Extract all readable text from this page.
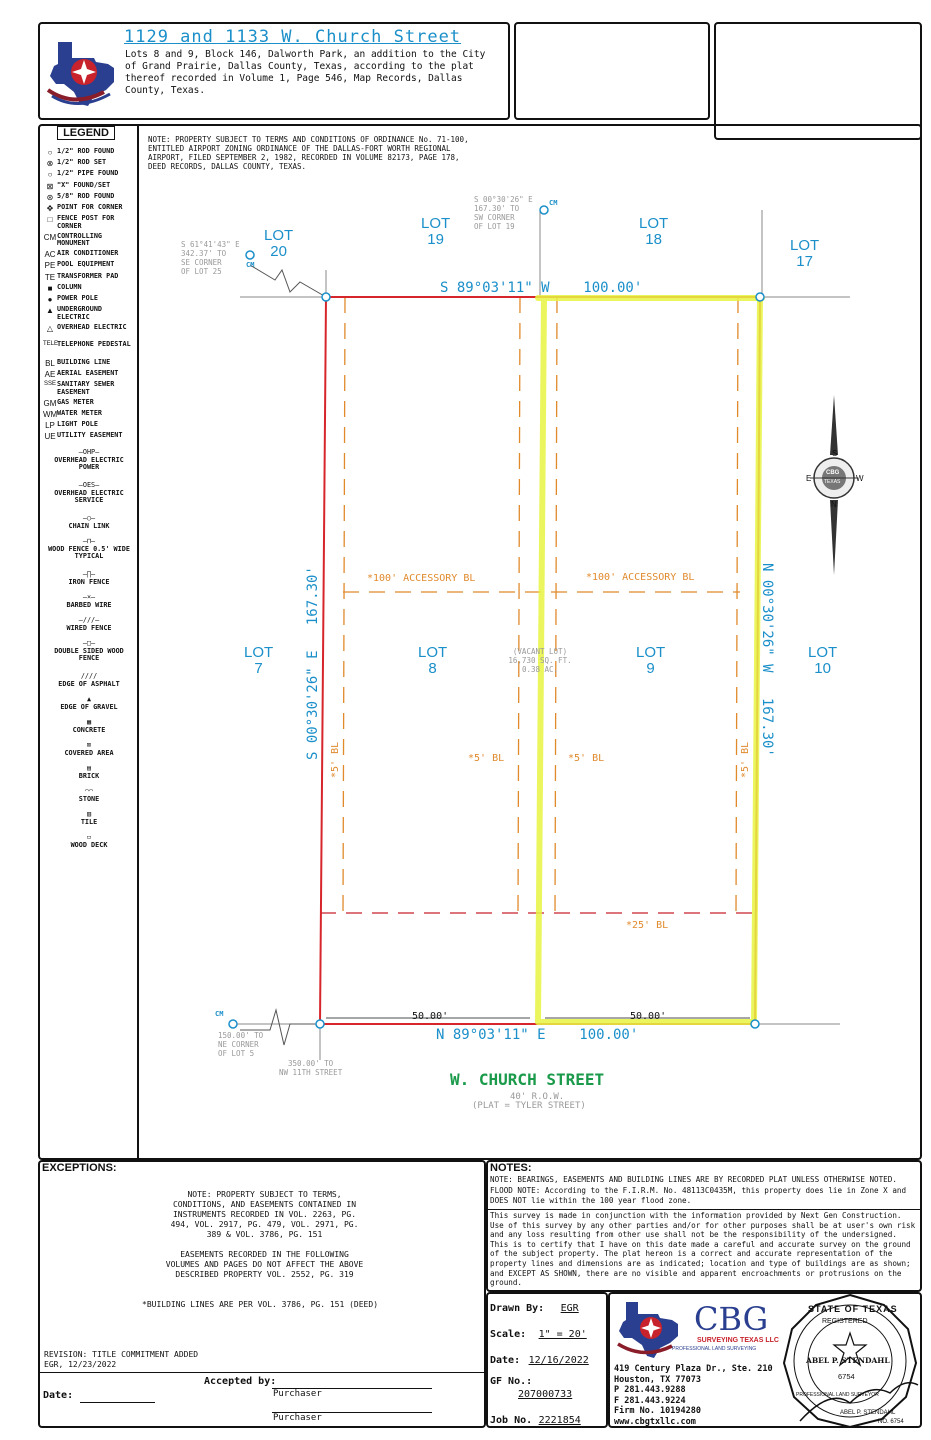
1129 and 1133 W. Church Street
Lots 8 and 9, Block 146, Dalworth Park, an addition to the City of Grand Prairie, Dallas County, Texas, according to the plat thereof recorded in Volume 1, Page 546, Map Records, Dallas County, Texas.
LEGEND
○ 1/2" ROD FOUND
⊗ 1/2" ROD SET
○ 1/2" PIPE FOUND
⊠ "X" FOUND/SET
⊛ 5/8" ROD FOUND
✥ POINT FOR CORNER
□ FENCE POST FOR CORNER
CM CONTROLLING MONUMENT
AC AIR CONDITIONER
PE POOL EQUIPMENT
TE TRANSFORMER PAD
■ COLUMN
● POWER POLE
▲ UNDERGROUND ELECTRIC
△ OVERHEAD ELECTRIC
TELE
TELEPHONE PEDESTAL
BL BUILDING LINE
AE AERIAL EASEMENT
SSE SANITARY SEWER EASEMENT
GM GAS METER
WM WATER METER
LP LIGHT POLE
UE UTILITY EASEMENT
—OHP—
OVERHEAD ELECTRIC POWER
—OES—
OVERHEAD ELECTRIC SERVICE
—○—
CHAIN LINK
—⊓—
WOOD FENCE 0.5' WIDE TYPICAL
—∏—
IRON FENCE
—×—
BARBED WIRE
—///—
WIRED FENCE
—□—
DOUBLE SIDED WOOD FENCE
////
EDGE OF ASPHALT
▲
EDGE OF GRAVEL
▦
CONCRETE
⊠
COVERED AREA
▤
BRICK
◠◠
STONE
▥
TILE
▭
WOOD DECK
NOTE: PROPERTY SUBJECT TO TERMS AND CONDITIONS OF ORDINANCE No. 71-100, ENTITLED AIRPORT ZONING ORDINANCE OF THE DALLAS-FORT WORTH REGIONAL AIRPORT, FILED SEPTEMBER 2, 1982, RECORDED IN VOLUME 82173, PAGE 178, DEED RECORDS, DALLAS COUNTY, TEXAS.
LOT
20
LOT
19
LOT
18	LOT
17
LOT
7
LOT
8
LOT
9
LOT
10
S 89°03'11" W    100.00'
N 89°03'11" E    100.00'
S 00°30'26" E   167.30'	N 00°30'26" W   167.30'
S 61°41'43" E
342.37' TO
SE CORNER
OF LOT 25
S 00°30'26" E
167.30' TO
SW CORNER
OF LOT 19
150.00' TO
NE CORNER
OF LOT 5
350.00' TO
NW 11TH STREET
CM
CM
CM
*100' ACCESSORY BL	*100' ACCESSORY BL
*5' BL	*5' BL
*5' BL	*5' BL
*25' BL
(VACANT LOT)
16,730 SQ. FT.
0.38 AC.
50.00'	50.00'
W. CHURCH STREET
40' R.O.W.
(PLAT = TYLER STREET)
S
N
E	W
CBG
TEXAS
EXCEPTIONS:
NOTE: PROPERTY SUBJECT TO TERMS, CONDITIONS, AND EASEMENTS CONTAINED IN INSTRUMENTS RECORDED IN VOL. 2263, PG. 494, VOL. 2917, PG. 479, VOL. 2971, PG. 389 & VOL. 3786, PG. 151
EASEMENTS RECORDED IN THE FOLLOWING VOLUMES AND PAGES DO NOT AFFECT THE ABOVE DESCRIBED PROPERTY VOL. 2552, PG. 319
*BUILDING LINES ARE PER VOL. 3786, PG. 151 (DEED)
REVISION: TITLE COMMITMENT ADDED
EGR, 12/23/2022
Date:
Accepted by:
Purchaser
Purchaser
NOTES:
NOTE: BEARINGS, EASEMENTS AND BUILDING LINES ARE BY RECORDED PLAT UNLESS OTHERWISE NOTED.
FLOOD NOTE: According to the F.I.R.M. No. 48113C0435M, this property does lie in Zone X and DOES NOT lie within the 100 year flood zone.
This survey is made in conjunction with the information provided by Next Gen Construction. Use of this survey by any other parties and/or for other purposes shall be at user's own risk and any loss resulting from other use shall not be the responsibility of the undersigned. This is to certify that I have on this date made a careful and accurate survey on the ground of the subject property. The plat hereon is a correct and accurate representation of the property lines and dimensions are as indicated; location and type of buildings are as shown; and EXCEPT AS SHOWN, there are no visible and apparent encroachments or protrusions on the ground.
Drawn By: EGR
Scale: 1" = 20'
Date: 12/16/2022
GF No.:
207000733
Job No. 2221854
CBG
SURVEYING TEXAS LLC
PROFESSIONAL LAND SURVEYING
419 Century Plaza Dr., Ste. 210
Houston, TX 77073
P 281.443.9288
F 281.443.9224
Firm No. 10194280
www.cbgtxllc.com
STATE OF TEXAS
REGISTERED
ABEL P. STENDAHL
6754
PROFESSIONAL LAND SURVEYOR
ABEL P. STENDAHL
NO. 6754
